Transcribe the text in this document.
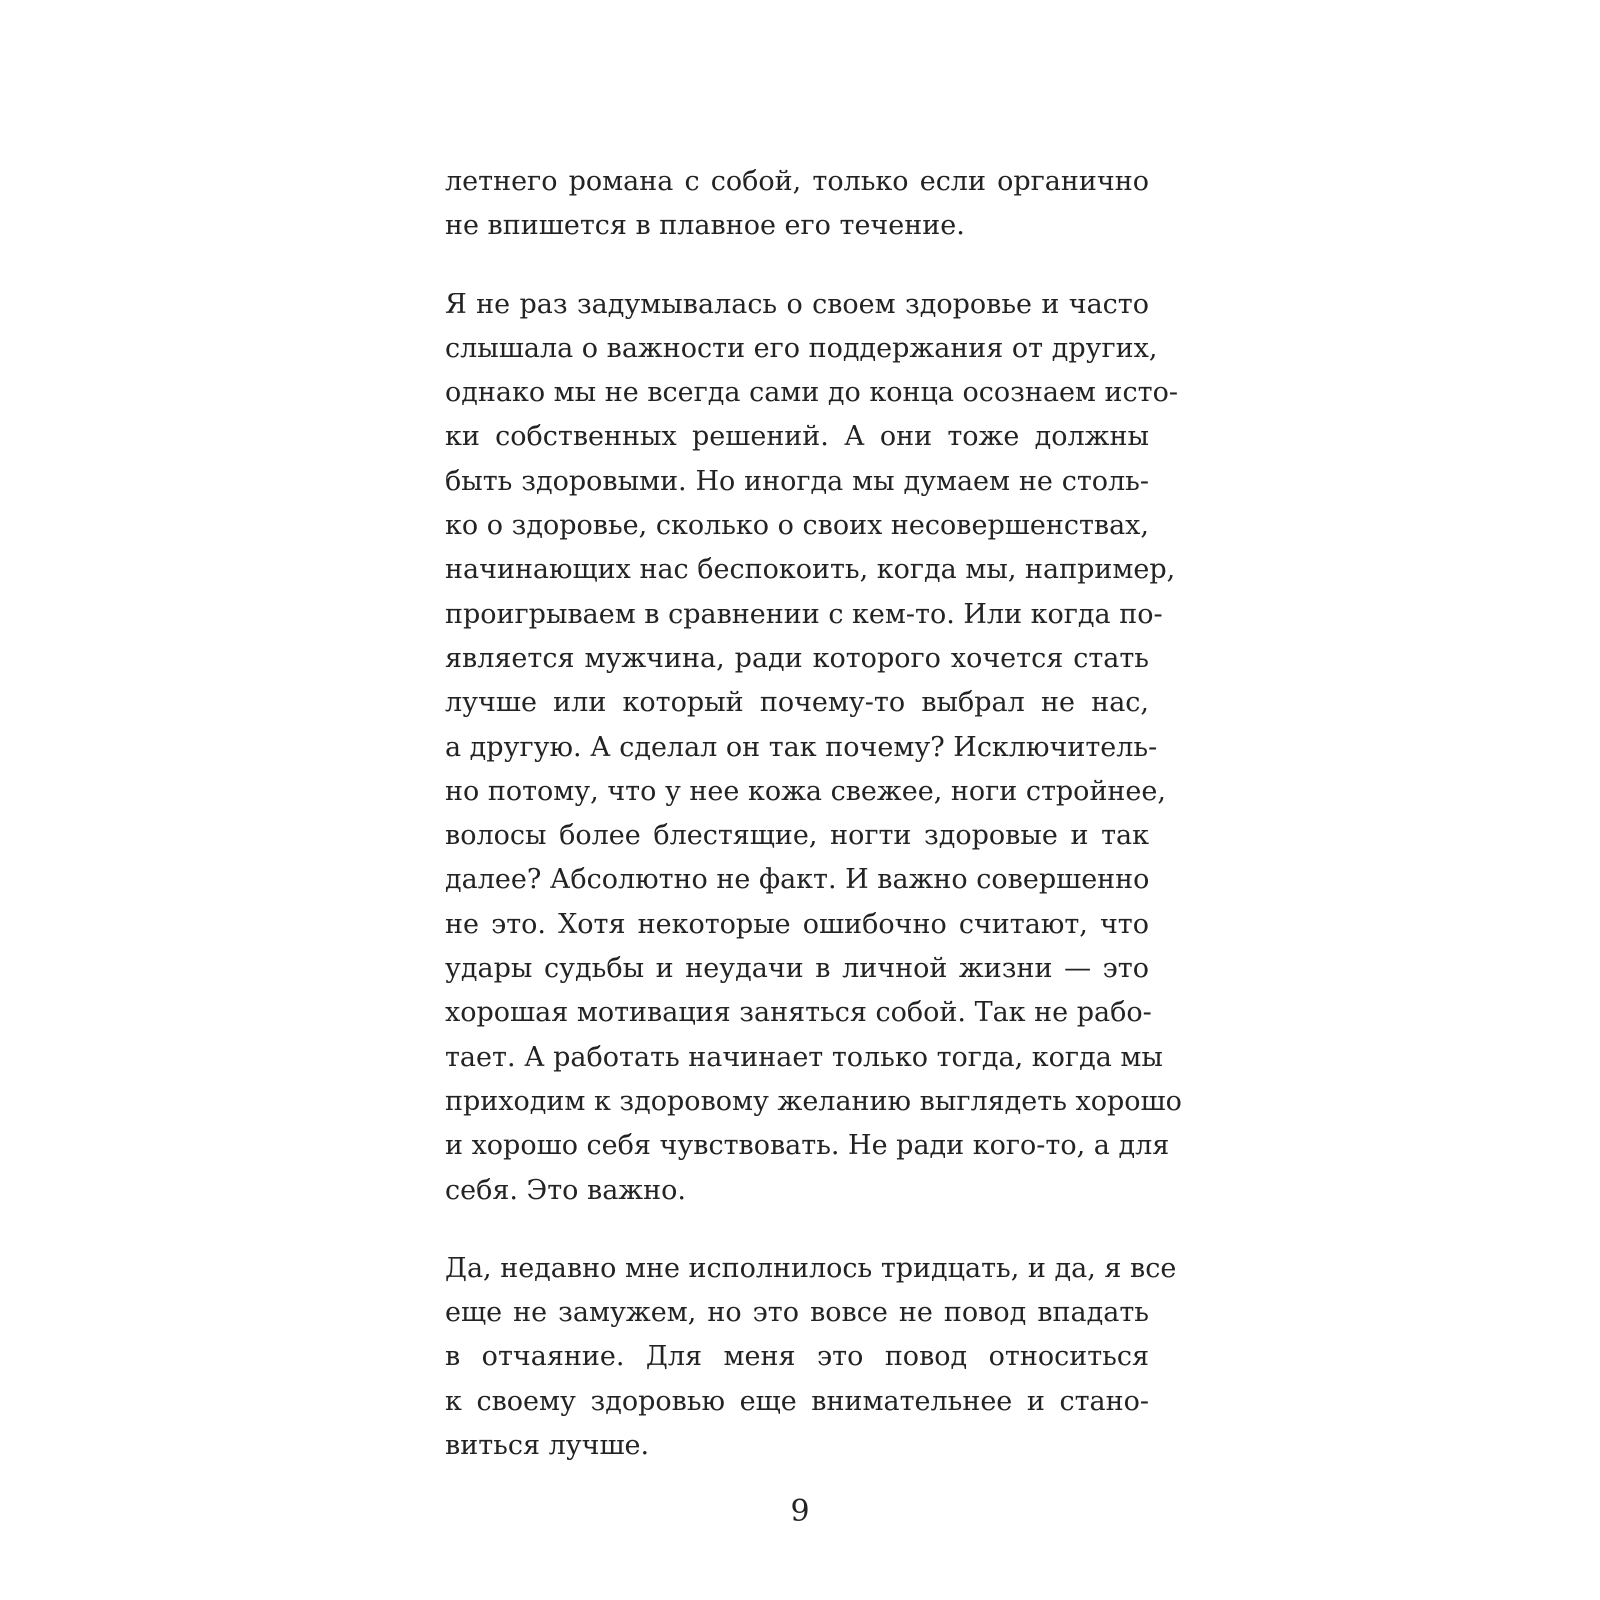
летнего романа с собой, только если органично
не впишется в плавное его течение.

Я не раз задумывалась о своем здоровье и часто
слышала о важности его поддержания от других,
однако мы не всегда сами до конца осознаем исто-
ки собственных решений. А они тоже должны
быть здоровыми. Но иногда мы думаем не столь-
ко о здоровье, сколько о своих несовершенствах,
начинающих нас беспокоить, когда мы, например,
проигрываем в сравнении с кем-то. Или когда по-
является мужчина, ради которого хочется стать
лучше или который почему-то выбрал не нас,
а другую. А сделал он так почему? Исключитель-
но потому, что у нее кожа свежее, ноги стройнее,
волосы более блестящие, ногти здоровые и так
далее? Абсолютно не факт. И важно совершенно
не это. Хотя некоторые ошибочно считают, что
удары судьбы и неудачи в личной жизни — это
хорошая мотивация заняться собой. Так не рабо-
тает. А работать начинает только тогда, когда мы
приходим к здоровому желанию выглядеть хорошо
и хорошо себя чувствовать. Не ради кого-то, а для
себя. Это важно.

Да, недавно мне исполнилось тридцать, и да, я все
еще не замужем, но это вовсе не повод впадать
в отчаяние. Для меня это повод относиться
к своему здоровью еще внимательнее и стано-
виться лучше.

9
